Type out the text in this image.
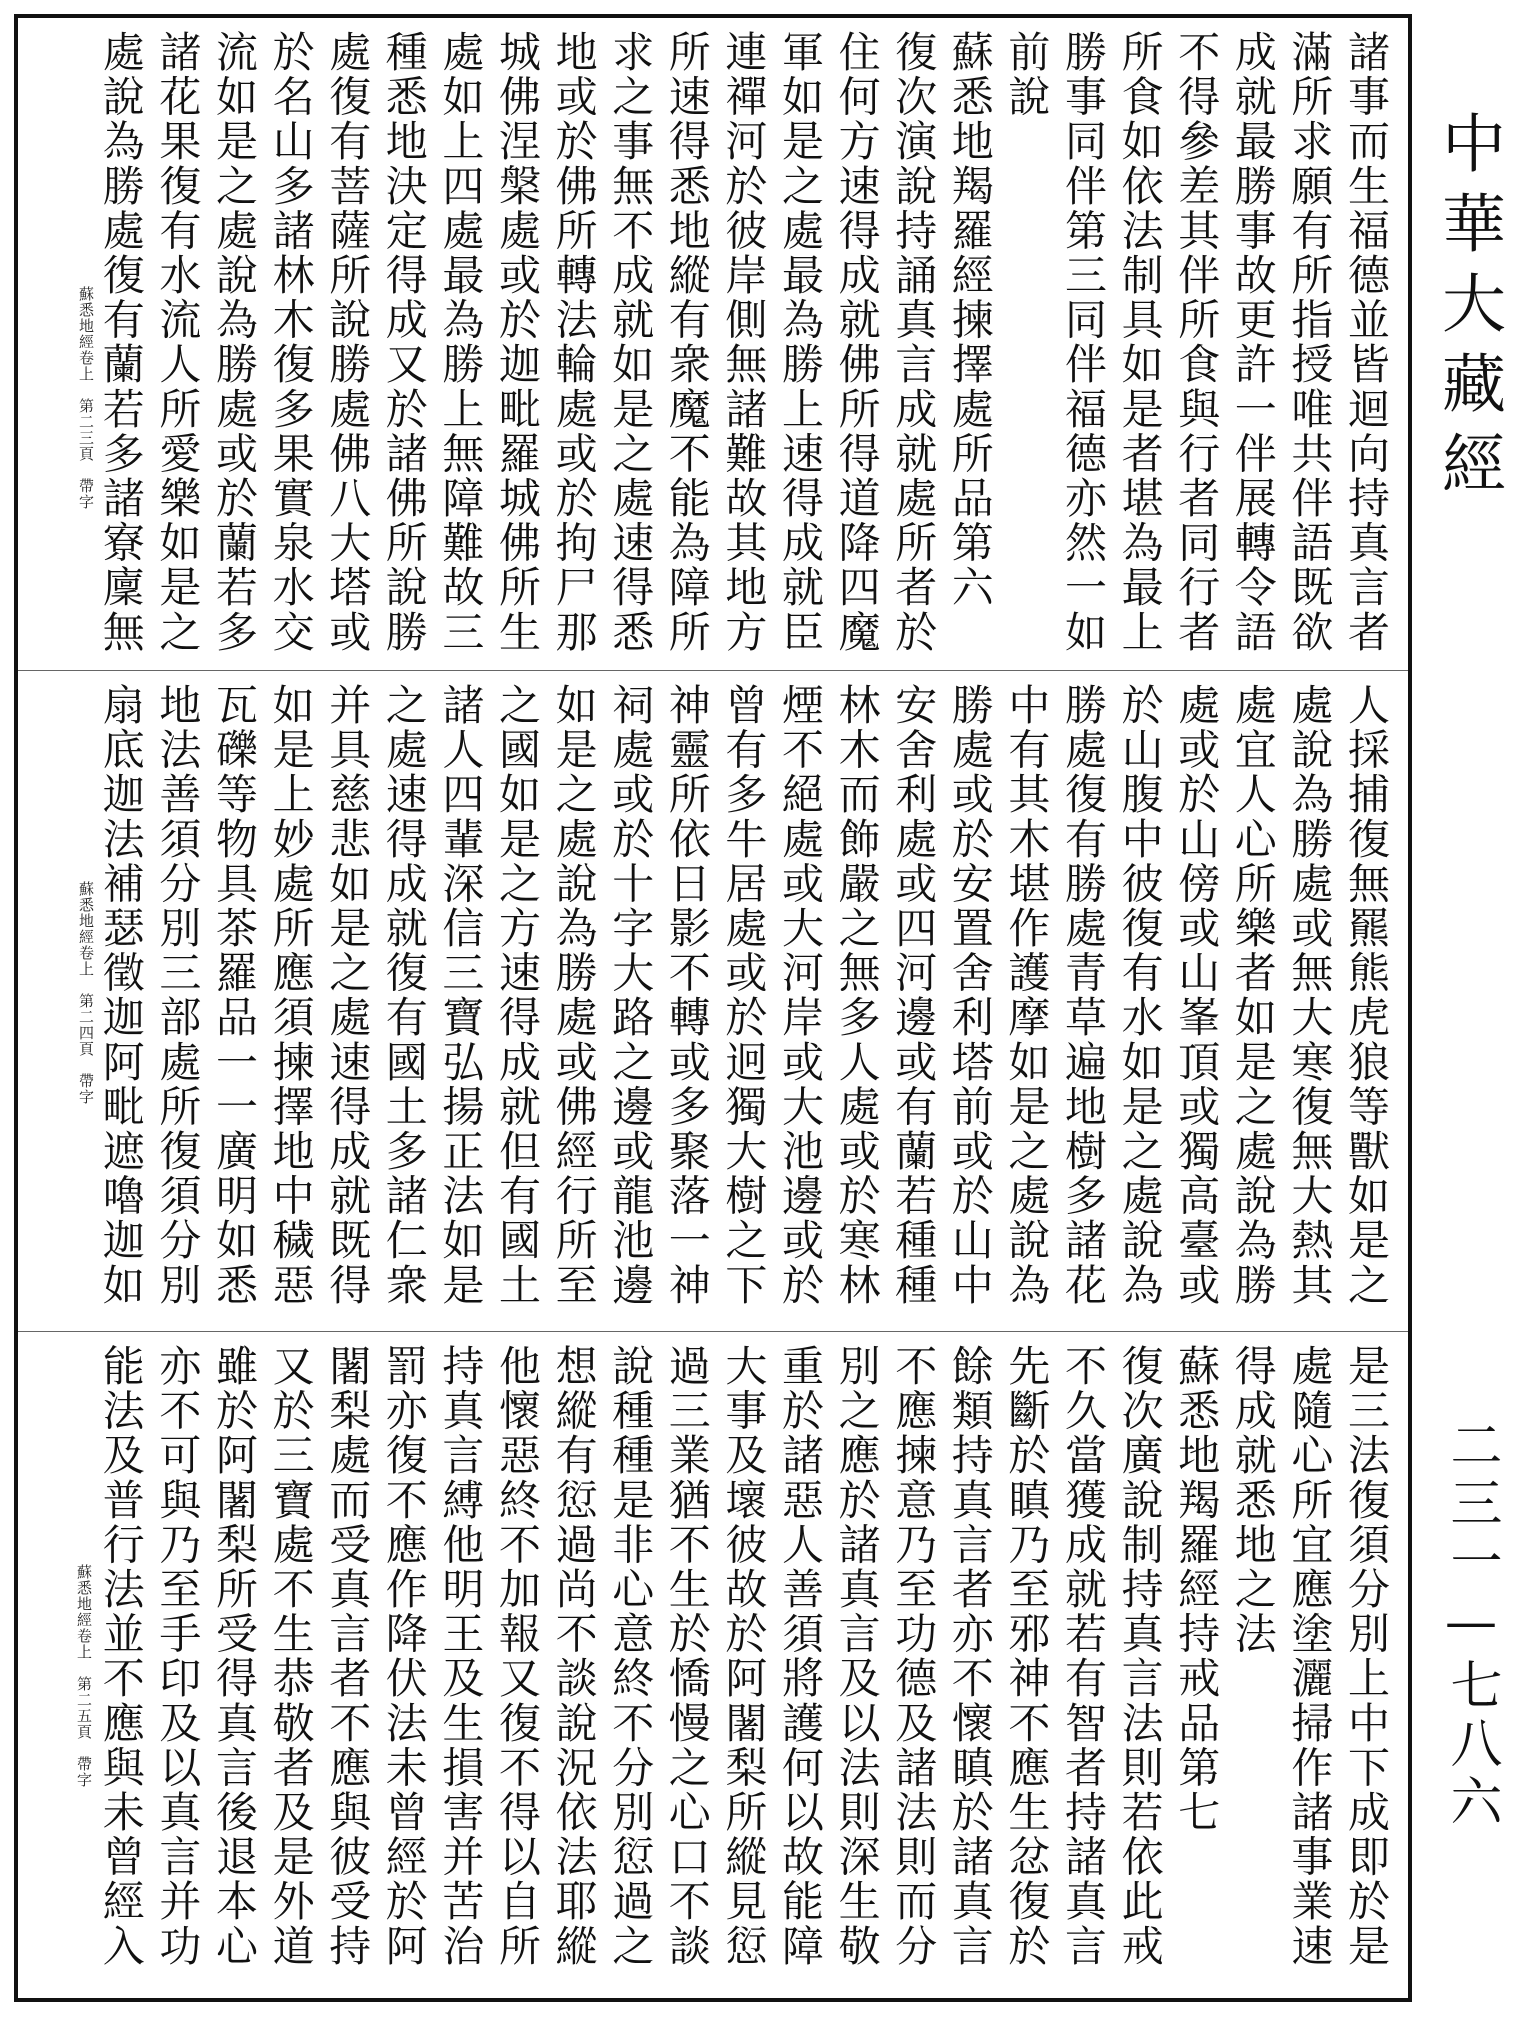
諸事而生福德並皆迴向持真言者
滿所求願有所指授唯共伴語既欲
成就最勝事故更許一伴展轉令語
不得參差其伴所食與行者同行者
所食如依法制具如是者堪為最上
勝事同伴第三同伴福德亦然一如
前說
蘇悉地羯羅經揀擇處所品第六
復次演說持誦真言成就處所者於
住何方速得成就佛所得道降四魔
軍如是之處最為勝上速得成就臣
連禪河於彼岸側無諸難故其地方
所速得悉地縱有衆魔不能為障所
求之事無不成就如是之處速得悉
地或於佛所轉法輪處或於拘尸那
城佛涅槃處或於迦毗羅城佛所生
處如上四處最為勝上無障難故三
種悉地決定得成又於諸佛所說勝
處復有菩薩所說勝處佛八大塔或
於名山多諸林木復多果實泉水交
流如是之處說為勝處或於蘭若多
諸花果復有水流人所愛樂如是之
處說為勝處復有蘭若多諸寮廩無
蘇悉地經卷上　第二三頁　帶字
人採捕復無羆熊虎狼等獸如是之
處說為勝處或無大寒復無大熱其
處宜人心所樂者如是之處說為勝
處或於山傍或山峯頂或獨高臺或
於山腹中彼復有水如是之處說為
勝處復有勝處青草遍地樹多諸花
中有其木堪作護摩如是之處說為
勝處或於安置舍利塔前或於山中
安舍利處或四河邊或有蘭若種種
林木而飾嚴之無多人處或於寒林
煙不絕處或大河岸或大池邊或於
曾有多牛居處或於迥獨大樹之下
神靈所依日影不轉或多聚落一神
祠處或於十字大路之邊或龍池邊
如是之處說為勝處或佛經行所至
之國如是之方速得成就但有國土
諸人四輩深信三寶弘揚正法如是
之處速得成就復有國土多諸仁衆
并具慈悲如是之處速得成就既得
如是上妙處所應須揀擇地中穢惡
瓦礫等物具茶羅品一一廣明如悉
地法善須分別三部處所復須分別
扇底迦法補瑟徵迦阿毗遮嚕迦如
蘇悉地經卷上　第二四頁　帶字
是三法復須分別上中下成即於是
處隨心所宜應塗灑掃作諸事業速
得成就悉地之法
蘇悉地羯羅經持戒品第七
復次廣說制持真言法則若依此戒
不久當獲成就若有智者持諸真言
先斷於瞋乃至邪神不應生忿復於
餘類持真言者亦不懷瞋於諸真言
不應揀意乃至功德及諸法則而分
別之應於諸真言及以法則深生敬
重於諸惡人善須將護何以故能障
大事及壞彼故於阿闍梨所縱見愆
過三業猶不生於憍慢之心口不談
說種種是非心意終不分別愆過之
想縱有愆過尚不談說況依法耶縱
他懷惡終不加報又復不得以自所
持真言縛他明王及生損害并苦治
罰亦復不應作降伏法未曾經於阿
闍梨處而受真言者不應與彼受持
又於三寶處不生恭敬者及是外道
雖於阿闍梨所受得真言後退本心
亦不可與乃至手印及以真言并功
能法及普行法並不應與未曾經入
蘇悉地經卷上　第二五頁　帶字
中華大藏經
二三一—七八六
